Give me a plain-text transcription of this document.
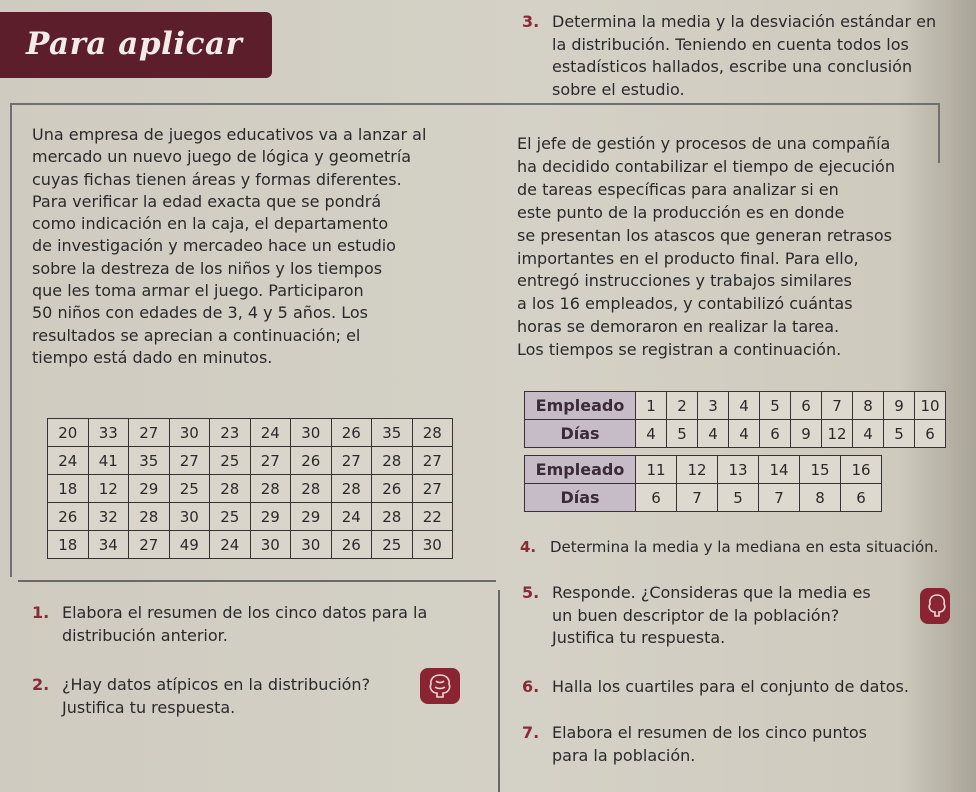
Para aplicar
3. Determina la media y la desviación estándar en
la distribución. Teniendo en cuenta todos los
estadísticos hallados, escribe una conclusión
sobre el estudio.
Una empresa de juegos educativos va a lanzar al
mercado un nuevo juego de lógica y geometría
cuyas fichas tienen áreas y formas diferentes.
Para verificar la edad exacta que se pondrá
como indicación en la caja, el departamento
de investigación y mercadeo hace un estudio
sobre la destreza de los niños y los tiempos
que les toma armar el juego. Participaron
50 niños con edades de 3, 4 y 5 años. Los
resultados se aprecian a continuación; el
tiempo está dado en minutos.
20	33	27	30	23	24	30	26	35	28
24	41	35	27	25	27	26	27	28	27
18	12	29	25	28	28	28	28	26	27
26	32	28	30	25	29	29	24	28	22
18	34	27	49	24	30	30	26	25	30
El jefe de gestión y procesos de una compañía
ha decidido contabilizar el tiempo de ejecución
de tareas específicas para analizar si en
este punto de la producción es en donde
se presentan los atascos que generan retrasos
importantes en el producto final. Para ello,
entregó instrucciones y trabajos similares
a los 16 empleados, y contabilizó cuántas
horas se demoraron en realizar la tarea.
Los tiempos se registran a continuación.
Empleado	1	2	3	4	5	6	7	8	9	10
Días	4	5	4	4	6	9	12	4	5	6
Empleado	11	12	13	14	15	16
Días	6	7	5	7	8	6
4. Determina la media y la mediana en esta situación.
1. Elabora el resumen de los cinco datos para la
distribución anterior.
5. Responde. ¿Consideras que la media es
un buen descriptor de la población?
Justifica tu respuesta.
2. ¿Hay datos atípicos en la distribución?
Justifica tu respuesta.
6. Halla los cuartiles para el conjunto de datos.
7. Elabora el resumen de los cinco puntos
para la población.
